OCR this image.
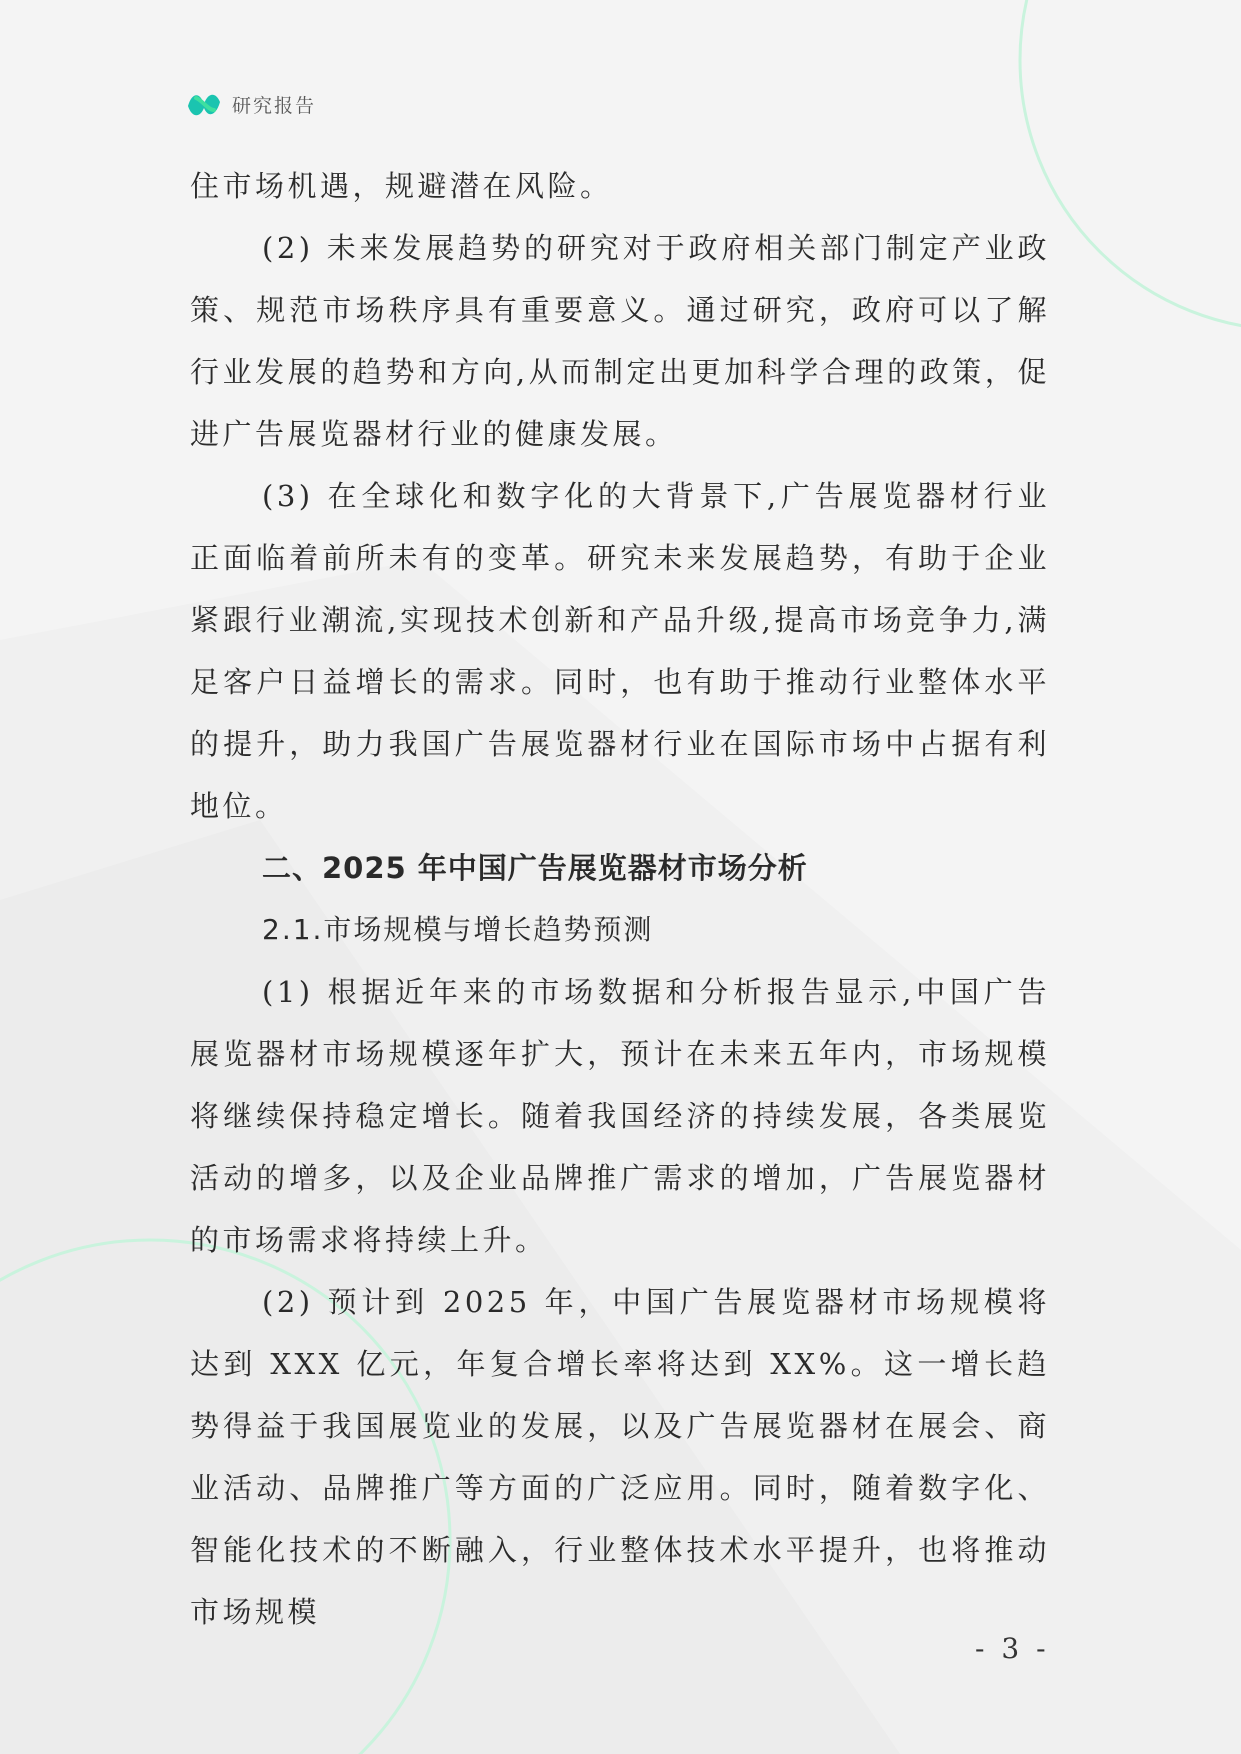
研究报告

住市场机遇，规避潜在风险。

(2) 未来发展趋势的研究对于政府相关部门制定产业政策、规范市场秩序具有重要意义。通过研究，政府可以了解行业发展的趋势和方向,从而制定出更加科学合理的政策，促进广告展览器材行业的健康发展。

(3) 在全球化和数字化的大背景下,广告展览器材行业正面临着前所未有的变革。研究未来发展趋势，有助于企业紧跟行业潮流,实现技术创新和产品升级,提高市场竞争力,满足客户日益增长的需求。同时，也有助于推动行业整体水平的提升，助力我国广告展览器材行业在国际市场中占据有利地位。

二、2025 年中国广告展览器材市场分析

2.1.市场规模与增长趋势预测

(1) 根据近年来的市场数据和分析报告显示,中国广告展览器材市场规模逐年扩大，预计在未来五年内，市场规模将继续保持稳定增长。随着我国经济的持续发展，各类展览活动的增多，以及企业品牌推广需求的增加，广告展览器材的市场需求将持续上升。

(2) 预计到 2025 年，中国广告展览器材市场规模将达到 XXX 亿元，年复合增长率将达到 XX%。这一增长趋势得益于我国展览业的发展，以及广告展览器材在展会、商业活动、品牌推广等方面的广泛应用。同时，随着数字化、智能化技术的不断融入，行业整体技术水平提升，也将推动市场规模

- 3 -
